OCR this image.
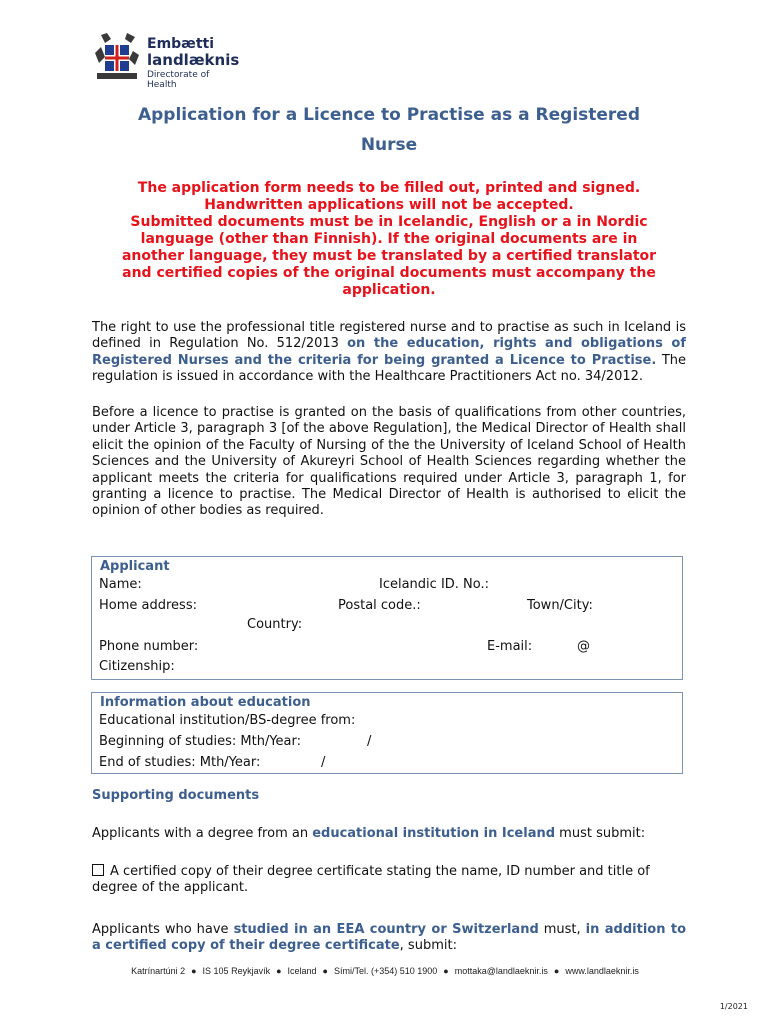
Embætti
landlæknis
Directorate of Health
Application for a Licence to Practise as a Registered
Nurse
The application form needs to be filled out, printed and signed.
Handwritten applications will not be accepted.
Submitted documents must be in Icelandic, English or a in Nordic
language (other than Finnish). If the original documents are in
another language, they must be translated by a certified translator
and certified copies of the original documents must accompany the
application.

The right to use the professional title registered nurse and to practise as such in Iceland is defined in Regulation No. 512/2013 on the education, rights and obligations of Registered Nurses and the criteria for being granted a Licence to Practise. The regulation is issued in accordance with the Healthcare Practitioners Act no. 34/2012.

Before a licence to practise is granted on the basis of qualifications from other countries, under Article 3, paragraph 3 [of the above Regulation], the Medical Director of Health shall elicit the opinion of the Faculty of Nursing of the the University of Iceland School of Health Sciences and the University of Akureyri School of Health Sciences regarding whether the applicant meets the criteria for qualifications required under Article 3, paragraph 1, for granting a licence to practise. The Medical Director of Health is authorised to elicit the opinion of other bodies as required.

Applicant
Name:	Icelandic ID. No.:
Home address:	Postal code.:	Town/City:
Country:
Phone number:	E-mail:	@
Citizenship:
Information about education
Educational institution/BS-degree from:
Beginning of studies: Mth/Year:	/
End of studies: Mth/Year:	/
Supporting documents

Applicants with a degree from an educational institution in Iceland must submit:

A certified copy of their degree certificate stating the name, ID number and title of degree of the applicant.

Applicants who have studied in an EEA country or Switzerland must, in addition to a certified copy of their degree certificate, submit:

Katrínartúni 2 ● IS 105 Reykjavík ● Iceland ● Sími/Tel. (+354) 510 1900 ● mottaka@landlaeknir.is ● www.landlaeknir.is
1/2021
